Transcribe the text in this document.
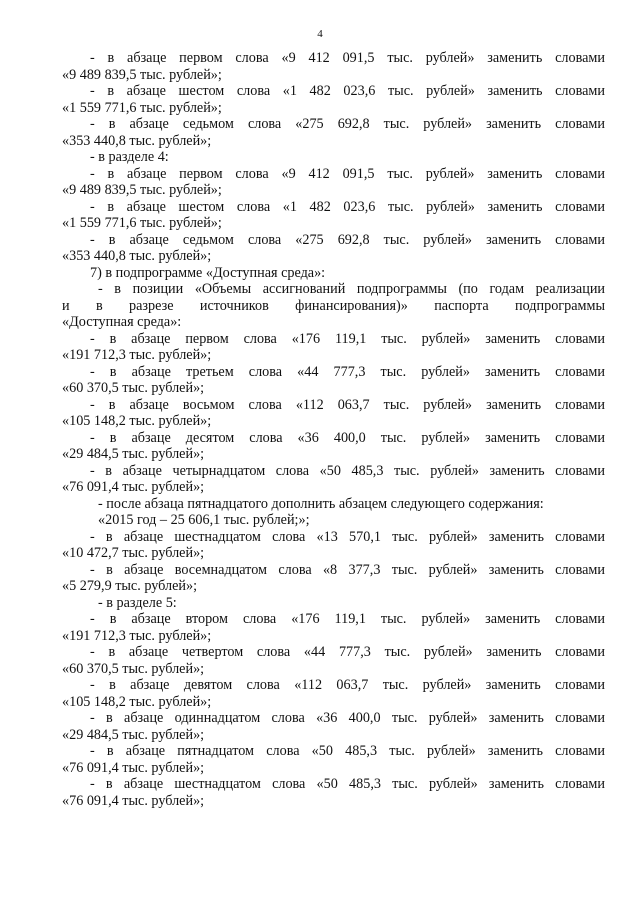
4
- в абзаце первом слова «9 412 091,5 тыс. рублей» заменить словами
«9 489 839,5 тыс. рублей»;
- в абзаце шестом слова «1 482 023,6 тыс. рублей» заменить словами
«1 559 771,6 тыс. рублей»;
- в абзаце седьмом слова «275 692,8 тыс. рублей» заменить словами
«353 440,8 тыс. рублей»;
- в разделе 4:
- в абзаце первом слова «9 412 091,5 тыс. рублей» заменить словами
«9 489 839,5 тыс. рублей»;
- в абзаце шестом слова «1 482 023,6 тыс. рублей» заменить словами
«1 559 771,6 тыс. рублей»;
- в абзаце седьмом слова «275 692,8 тыс. рублей» заменить словами
«353 440,8 тыс. рублей»;
7) в подпрограмме «Доступная среда»:
- в позиции «Объемы ассигнований подпрограммы (по годам реализации
и в разрезе источников финансирования)» паспорта подпрограммы
«Доступная среда»:
- в абзаце первом слова «176 119,1 тыс. рублей» заменить словами
«191 712,3 тыс. рублей»;
- в абзаце третьем слова «44 777,3 тыс. рублей» заменить словами
«60 370,5 тыс. рублей»;
- в абзаце восьмом слова «112 063,7 тыс. рублей» заменить словами
«105 148,2 тыс. рублей»;
- в абзаце десятом слова «36 400,0 тыс. рублей» заменить словами
«29 484,5 тыс. рублей»;
- в абзаце четырнадцатом слова «50 485,3 тыс. рублей» заменить словами
«76 091,4 тыс. рублей»;
- после абзаца пятнадцатого дополнить абзацем следующего содержания:
«2015 год – 25 606,1 тыс. рублей;»;
- в абзаце шестнадцатом слова «13 570,1 тыс. рублей» заменить словами
«10 472,7 тыс. рублей»;
- в абзаце восемнадцатом слова «8 377,3 тыс. рублей» заменить словами
«5 279,9 тыс. рублей»;
- в разделе 5:
- в абзаце втором слова «176 119,1 тыс. рублей» заменить словами
«191 712,3 тыс. рублей»;
- в абзаце четвертом слова «44 777,3 тыс. рублей» заменить словами
«60 370,5 тыс. рублей»;
- в абзаце девятом слова «112 063,7 тыс. рублей» заменить словами
«105 148,2 тыс. рублей»;
- в абзаце одиннадцатом слова «36 400,0 тыс. рублей» заменить словами
«29 484,5 тыс. рублей»;
- в абзаце пятнадцатом слова «50 485,3 тыс. рублей» заменить словами
«76 091,4 тыс. рублей»;
- в абзаце шестнадцатом слова «50 485,3 тыс. рублей» заменить словами
«76 091,4 тыс. рублей»;
